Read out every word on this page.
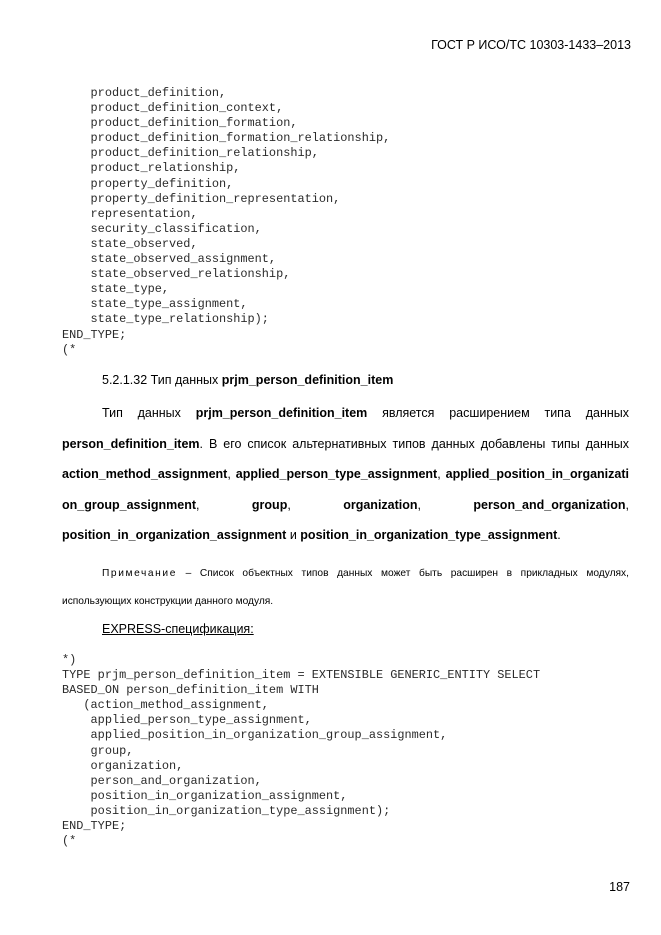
ГОСТ Р ИСО/ТС 10303-1433–2013
product_definition,
product_definition_context,
product_definition_formation,
product_definition_formation_relationship,
product_definition_relationship,
product_relationship,
property_definition,
property_definition_representation,
representation,
security_classification,
state_observed,
state_observed_assignment,
state_observed_relationship,
state_type,
state_type_assignment,
state_type_relationship);
END_TYPE;
(*
5.2.1.32 Тип данных prjm_person_definition_item

Тип данных prjm_person_definition_item является расширением типа данных person_definition_item. В его список альтернативных типов данных добавлены типы данных action_method_assignment, applied_person_type_assignment, applied_position_in_organization_group_assignment,	group,	organization,	person_and_organization, position_in_organization_assignment и position_in_organization_type_assignment.

Примечание – Список объектных типов данных может быть расширен в прикладных модулях, использующих конструкции данного модуля.

EXPRESS-спецификация:
*)
TYPE prjm_person_definition_item = EXTENSIBLE GENERIC_ENTITY SELECT
BASED_ON person_definition_item WITH
(action_method_assignment,
applied_person_type_assignment,
applied_position_in_organization_group_assignment,
group,
organization,
person_and_organization,
position_in_organization_assignment,
position_in_organization_type_assignment);
END_TYPE;
(*
187
